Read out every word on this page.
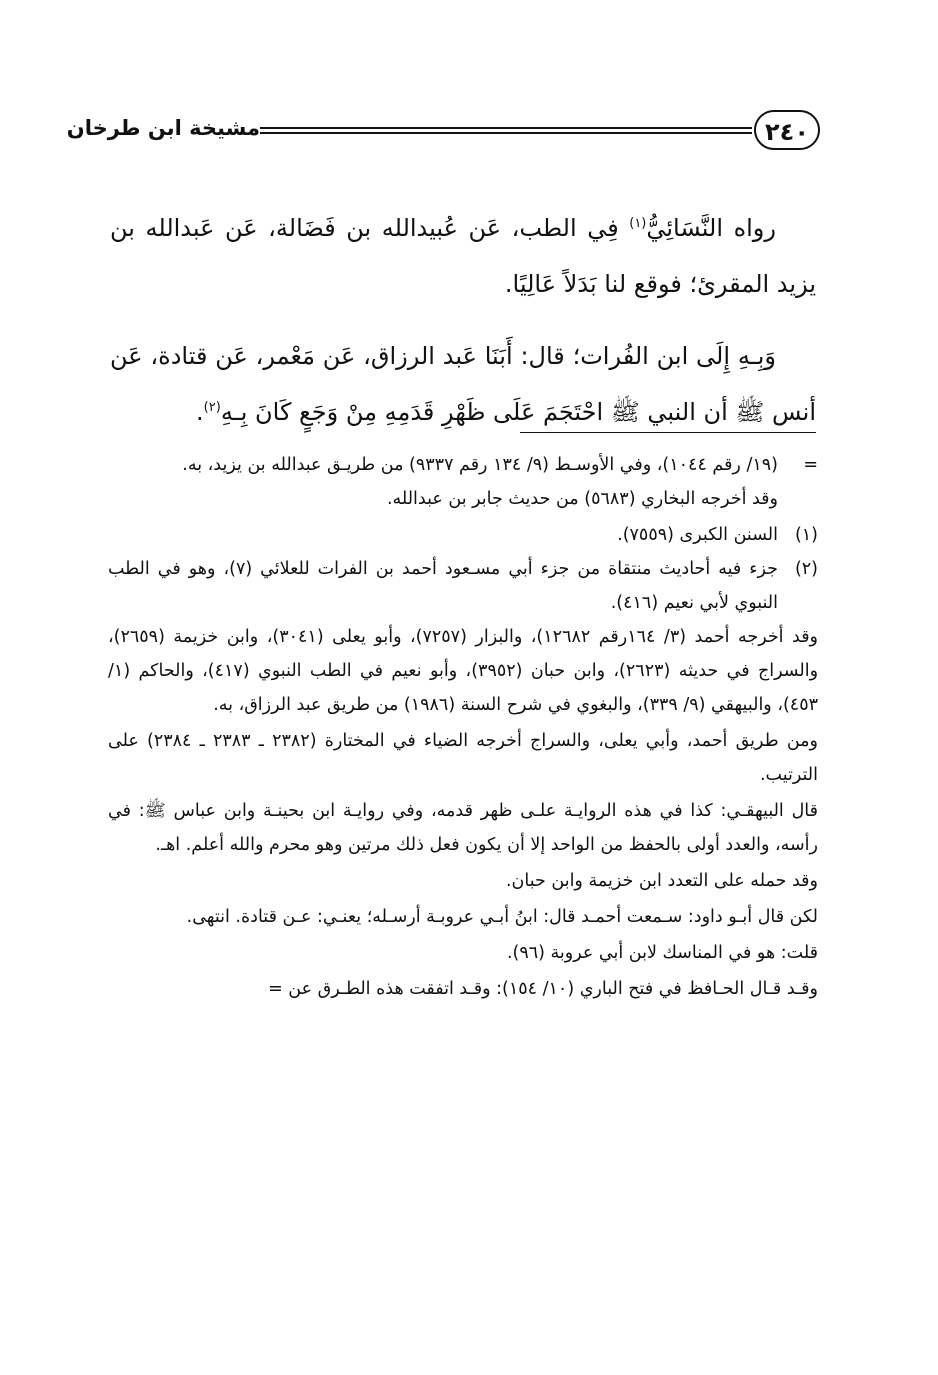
٢٤٠
مشيخة ابن طرخان

رواه النَّسَائِيُّ$^{(١)}$ فِي الطب، عَن عُبيدالله بن فَضَالة، عَن عَبدالله بن يزيد المقرئ؛ فوقع لنا بَدَلاً عَالِيًا.

وَبِـهِ إِلَى ابن الفُرات؛ قال: أَبَنَا عَبد الرزاق، عَن مَعْمر، عَن قتادة، عَن أنس ﷺ أن النبي ﷺ احْتَجَمَ عَلَى ظَهْرِ قَدَمِهِ مِنْ وَجَعٍ كَانَ بِـهِ$^{(٢)}$.

=
(١٩/ رقم ١٠٤٤)، وفي الأوسـط (٩/ ١٣٤ رقم ٩٣٣٧) من طريـق عبدالله بن يزيد، به.

وقد أخرجه البخاري (٥٦٨٣) من حديث جابر بن عبدالله.

(١)
السنن الكبرى (٧٥٥٩).
(٢)
جزء فيه أحاديث منتقاة من جزء أبي مسـعود أحمد بن الفرات للعلائي (٧)، وهو في الطب النبوي لأبي نعيم (٤١٦).

وقد أخرجه أحمد (٣/ ١٦٤رقم ١٢٦٨٢)، والبزار (٧٢٥٧)، وأبو يعلى (٣٠٤١)، وابن خزيمة (٢٦٥٩)، والسراج في حديثه (٢٦٢٣)، وابن حبان (٣٩٥٢)، وأبو نعيم في الطب النبوي (٤١٧)، والحاكم (١/ ٤٥٣)، والبيهقي (٩/ ٣٣٩)، والبغوي في شرح السنة (١٩٨٦) من طريق عبد الرزاق، به.

ومن طريق أحمد، وأبي يعلى، والسراج أخرجه الضياء في المختارة (٢٣٨٢ ـ ٢٣٨٣ ـ ٢٣٨٤) على الترتيب.

قال البيهقـي: كذا في هذه الروايـة علـى ظهر قدمه، وفي روايـة ابن بحينـة وابن عباس ﷺ: في رأسه، والعدد أولى بالحفظ من الواحد إلا أن يكون فعل ذلك مرتين وهو محرم والله أعلم. اهـ.

وقد حمله على التعدد ابن خزيمة وابن حبان.

لكن قال أبـو داود: سـمعت أحمـد قال: ابنُ أبـي عروبـة أرسـله؛ يعنـي: عـن قتادة. انتهى.

قلت: هو في المناسك لابن أبي عروبة (٩٦).

وقـد قـال الحـافظ في فتح الباري (١٠/ ١٥٤): وقـد اتفقت هذه الطـرق عن =
